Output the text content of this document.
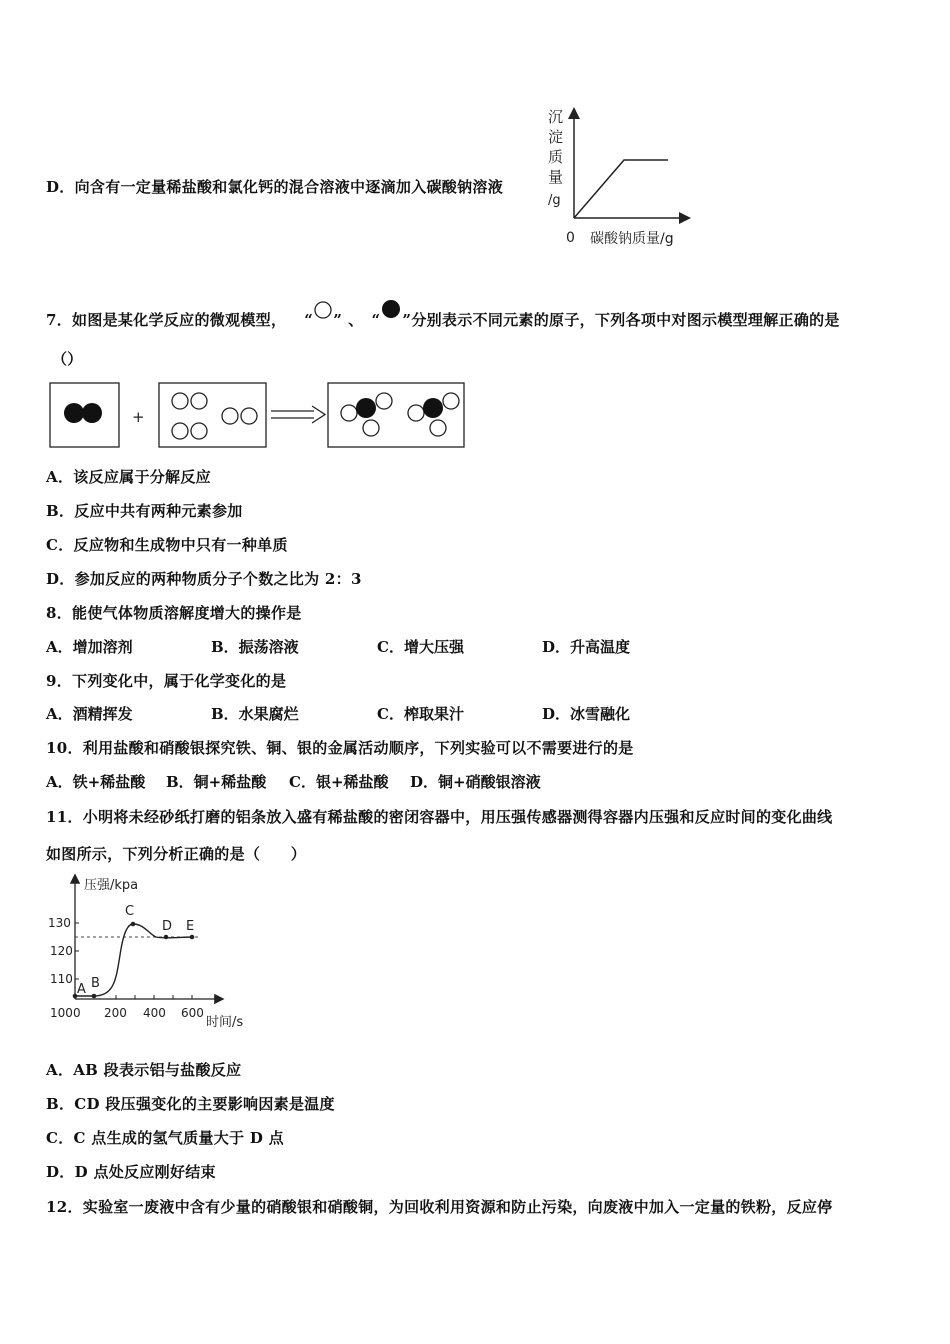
D．向含有一定量稀盐酸和氯化钙的混合溶液中逐滴加入碳酸钠溶液
沉
淀
质
量
/g
0 碳酸钠质量/g
7．如图是某化学反应的微观模型， “ ” 、 “ ”分别表示不同元素的原子，下列各项中对图示模型理解正确的是
（）
+
A．该反应属于分解反应
B．反应中共有两种元素参加
C．反应物和生成物中只有一种单质
D．参加反应的两种物质分子个数之比为 2：3
8．能使气体物质溶解度增大的操作是
A．增加溶剂	B．振荡溶液	C．增大压强	D．升高温度
9．下列变化中，属于化学变化的是
A．酒精挥发	B．水果腐烂	C．榨取果汁	D．冰雪融化
10．利用盐酸和硝酸银探究铁、铜、银的金属活动顺序，下列实验可以不需要进行的是
A．铁+稀盐酸 B．铜+稀盐酸 C．银+稀盐酸 D．铜+硝酸银溶液
11．小明将未经砂纸打磨的铝条放入盛有稀盐酸的密闭容器中，用压强传感器测得容器内压强和反应时间的变化曲线
如图所示，下列分析正确的是（　　）
压强/kpa
时间/s
130
120
110
100 0 200 400 600
A B
C
D E
A．AB 段表示铝与盐酸反应
B．CD 段压强变化的主要影响因素是温度
C．C 点生成的氢气质量大于 D 点
D．D 点处反应刚好结束
12．实验室一废液中含有少量的硝酸银和硝酸铜，为回收利用资源和防止污染，向废液中加入一定量的铁粉，反应停
